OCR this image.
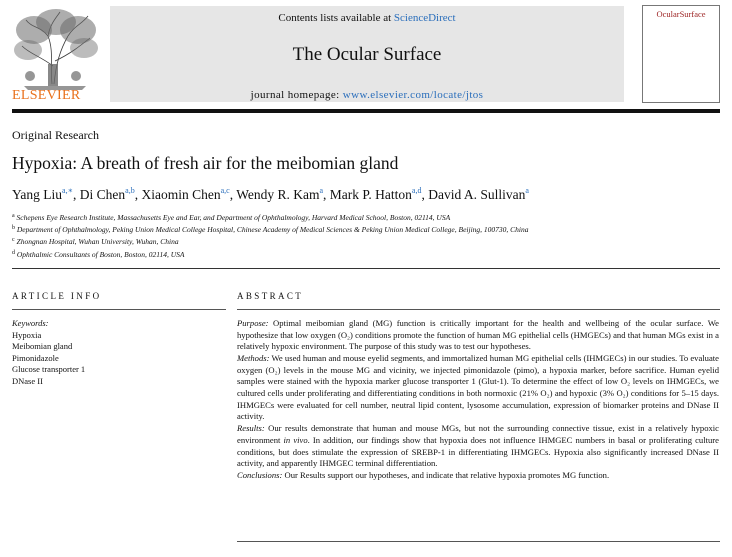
ELSEVIER
Contents lists available at ScienceDirect
The Ocular Surface
journal homepage: www.elsevier.com/locate/jtos
OcularSurface
Original Research
Hypoxia: A breath of fresh air for the meibomian gland
Yang Liu$^{a,∗}$, Di Chen$^{a,b}$, Xiaomin Chen$^{a,c}$, Wendy R. Kam$^a$, Mark P. Hatton$^{a,d}$, David A. Sullivan$^a$
$^a$ Schepens Eye Research Institute, Massachusetts Eye and Ear, and Department of Ophthalmology, Harvard Medical School, Boston, 02114, USA
$^b$ Department of Ophthalmology, Peking Union Medical College Hospital, Chinese Academy of Medical Sciences & Peking Union Medical College, Beijing, 100730, China
$^c$ Zhongnan Hospital, Wuhan University, Wuhan, China
$^d$ Ophthalmic Consultants of Boston, Boston, 02114, USA
ARTICLE INFO
Keywords:
Hypoxia
Meibomian gland
Pimonidazole
Glucose transporter 1
DNase II
ABSTRACT

Purpose: Optimal meibomian gland (MG) function is critically important for the health and wellbeing of the ocular surface. We hypothesize that low oxygen (O₂) conditions promote the function of human MG epithelial cells (HMGECs) and that human MGs exist in a relatively hypoxic environment. The purpose of this study was to test our hypotheses.

Methods: We used human and mouse eyelid segments, and immortalized human MG epithelial cells (IHMGECs) in our studies. To evaluate oxygen (O₂) levels in the mouse MG and vicinity, we injected pimonidazole (pimo), a hypoxia marker, before sacrifice. Human eyelid samples were stained with the hypoxia marker glucose transporter 1 (Glut-1). To determine the effect of low O₂ levels on IHMGECs, we cultured cells under proliferating and differentiating conditions in both normoxic (21% O₂) and hypoxic (3% O₂) conditions for 5–15 days. IHMGECs were evaluated for cell number, neutral lipid content, lysosome accumulation, expression of biomarker proteins and DNase II activity.

Results: Our results demonstrate that human and mouse MGs, but not the surrounding connective tissue, exist in a relatively hypoxic environment in vivo. In addition, our findings show that hypoxia does not influence IHMGEC numbers in basal or proliferating culture conditions, but does stimulate the expression of SREBP-1 in differentiating IHMGECs. Hypoxia also significantly increased DNase II activity, and apparently IHMGEC terminal differentiation.

Conclusions: Our Results support our hypotheses, and indicate that relative hypoxia promotes MG function.
